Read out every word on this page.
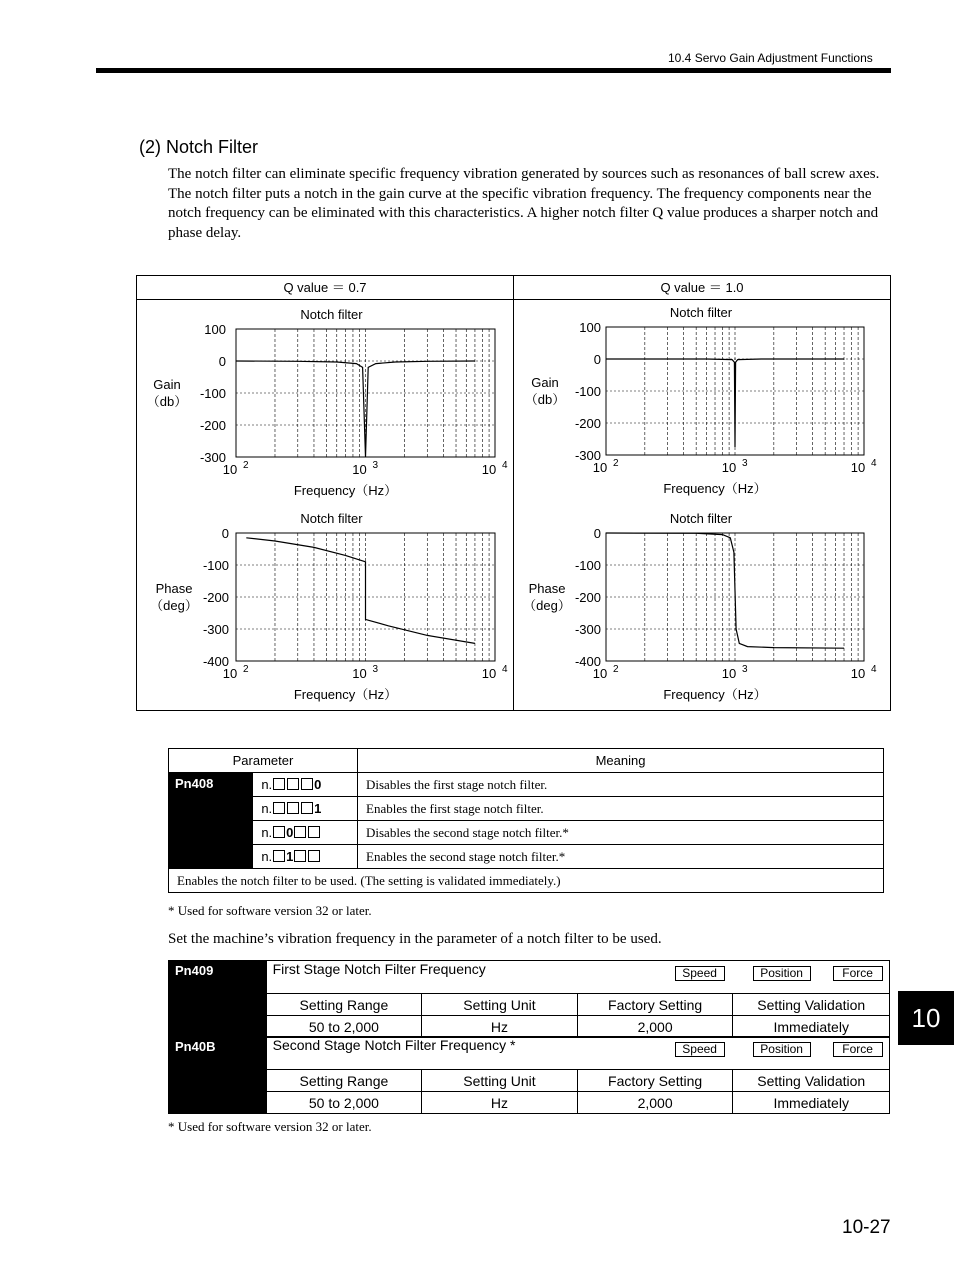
10.4 Servo Gain Adjustment Functions
(2) Notch Filter
The notch filter can eliminate specific frequency vibration generated by sources such as resonances of ball screw axes. The notch filter puts a notch in the gain curve at the specific vibration frequency. The frequency components near the notch frequency can be eliminated with this characteristics. A higher notch filter Q value produces a sharper notch and phase delay.
Q value ＝ 0.7	Q value ＝ 1.0
Notch filter
100
0
-100
-200
-300
Gain
（db）
10 2	10 3	10 4
Frequency（Hz）
Notch filter
100
0
-100
-200
-300
Gain
（db）
10 2	10 3	10 4
Frequency（Hz）
Notch filter
0
-100
-200
-300
-400
Phase
（deg）
10 2	10 3	10 4
Frequency（Hz）
Notch filter
0
-100
-200
-300
-400
Phase
（deg）
10 2	10 3	10 4
Frequency（Hz）
Parameter		Meaning

Pn408	n. 0	Disables the first stage notch filter.
	n. 1	Enables the first stage notch filter.
	n. 0	Disables the second stage notch filter.*
	n. 1	Enables the second stage notch filter.*
Enables the notch filter to be used. (The setting is validated immediately.)		
* Used for software version 32 or later.
Set the machine’s vibration frequency in the parameter of a notch filter to be used.
Pn409	First Stage Notch Filter Frequency Speed Position Force			

	Setting Range	Setting Unit	Factory Setting	Setting Validation
	50 to 2,000	Hz	2,000	Immediately
Pn40B	Second Stage Notch Filter Frequency * Speed Position Force			

	Setting Range	Setting Unit	Factory Setting	Setting Validation
	50 to 2,000	Hz	2,000	Immediately
* Used for software version 32 or later.
10
10-27
